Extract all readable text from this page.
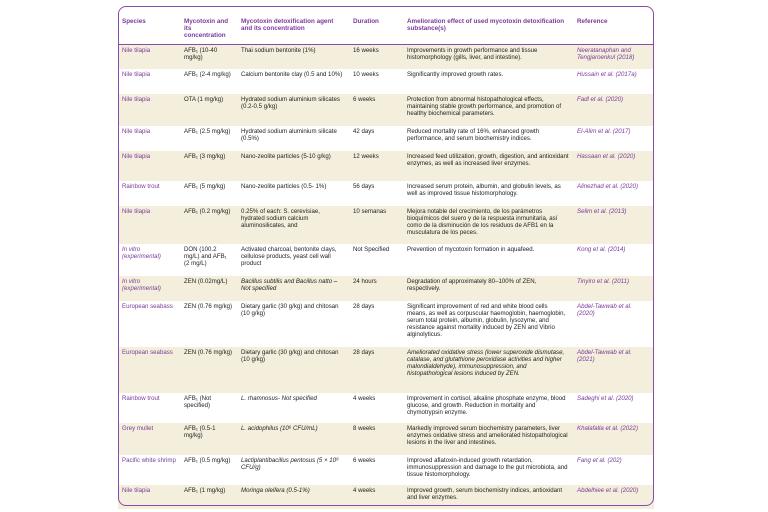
Species	Mycotoxin and its concentration	Mycotoxin detoxification agent and its concentration	Duration	Amelioration effect of used mycotoxin detoxification substance(s)	Reference
Nile tilapia	AFB₁ (10-40 mg/kg)	Thai sodium bentonite (1%)	16 weeks	Improvements in growth performance and tissue histomorphology (gills, liver, and intestine).	Neeratanaphan and Tengjaroenkul (2018)
Nile tilapia	AFB₁ (2-4 mg/kg)	Calcium bentonite clay (0.5 and 10%)	10 weeks	Significantly improved growth rates.	Hussain et al. (2017a)
Nile tilapia	OTA (1 mg/kg)	Hydrated sodium aluminium silicates (0.2-0.5 g/kg)	6 weeks	Protection from abnormal histopathological effects, maintaining stable growth performance, and promotion of healthy biochemical parameters.	Fadl et al. (2020)
Nile tilapia	AFB₁ (2.5 mg/kg)	Hydrated sodium aluminium silicate (0.5%)	42 days	Reduced mortality rate of 16%, enhanced growth performance, and serum biochemistry indices.	El-Alim et al. (2017)
Nile tilapia	AFB₁ (3 mg/kg)	Nano-zeolite particles (5-10 g/kg)	12 weeks	Increased feed utilization, growth, digestion, and antioxidant enzymes, as well as increased liver enzymes.	Hassaan et al. (2020)
Rainbow trout	AFB₁ (5 mg/kg)	Nano-zeolite particles (0.5- 1%)	56 days	Increased serum protein, albumin, and globulin levels, as well as improved tissue histomorphology.	Alinezhad et al. (2020)
Nile tilapia	AFB₁ (0.2 mg/kg)	0.25% of each: S. cerevisiae, hydrated sodium calcium aluminosilicates, and	10 semanas	Mejora notable del crecimiento, de los parámetros bioquímicos del suero y de la respuesta inmunitaria, así como de la disminución de los residuos de AFB1 en la musculatura de los peces.	Selim et al. (2013)
In vitro (experimental)	DON (100.2 mg/L) and AFB₁ (2 mg/L)	Activated charcoal, bentonite clays, cellulose products, yeast cell wall product	Not Specified	Prevention of mycotoxin formation in aquafeed.	Kong et al. (2014)
In vitro (experimental)	ZEN (0.02mg/L)	Bacillus subtilis and Bacillus natto – Not specified	24 hours	Degradation of approximately 80–100% of ZEN, respectively.	Tinyiro et al. (2011)
European seabass	ZEN (0.76 mg/kg)	Dietary garlic (30 g/kg) and chitosan (10 g/kg)	28 days	Significant improvement of red and white blood cells means, as well as corpuscular haemoglobin, haemoglobin, serum total protein, albumin, globulin, lysozyme, and resistance against mortality induced by ZEN and Vibrio alginolyticus.	Abdel-Tawwab et al. (2020)
European seabass	ZEN (0.76 mg/kg)	Dietary garlic (30 g/kg) and chitosan (10 g/kg)	28 days	Ameliorated oxidative stress (lower superoxide dismutase, catalase, and glutathione peroxidase activities and higher malondialdehyde), immunosuppression, and histopathological lesions induced by ZEN.	Abdel-Tawwab et al. (2021)
Rainbow trout	AFB₁ (Not specified)	L. rhamnosus- Not specified	4 weeks	Improvement in cortisol, alkaline phosphate enzyme, blood glucose, and growth. Reduction in mortality and chymotrypsin enzyme.	Sadeghi et al. (2020)
Grey mullet	AFB₁ (0.5-1 mg/kg)	L. acidophilus (10⁶ CFU/mL)	8 weeks	Markedly improved serum biochemistry parameters, liver enzymes oxidative stress and ameliorated histopathological lesions in the liver and intestines.	Khalafalla et al. (2022)
Pacific white shrimp	AFB₁ (0.5 mg/kg)	Lactiplantibacillus pentosus (5 × 10⁸ CFU/g)	6 weeks	Improved aflatoxin-induced growth retardation, immunosuppression and damage to the gut microbiota, and tissue histomorphology.	Fang et al. (202)
Nile tilapia	AFB₁ (1 mg/kg)	Moringa oleifera (0.5-1%)	4 weeks	Improved growth, serum biochemistry indices, antioxidant and liver enzymes.	Abdelhiee et al. (2020)
